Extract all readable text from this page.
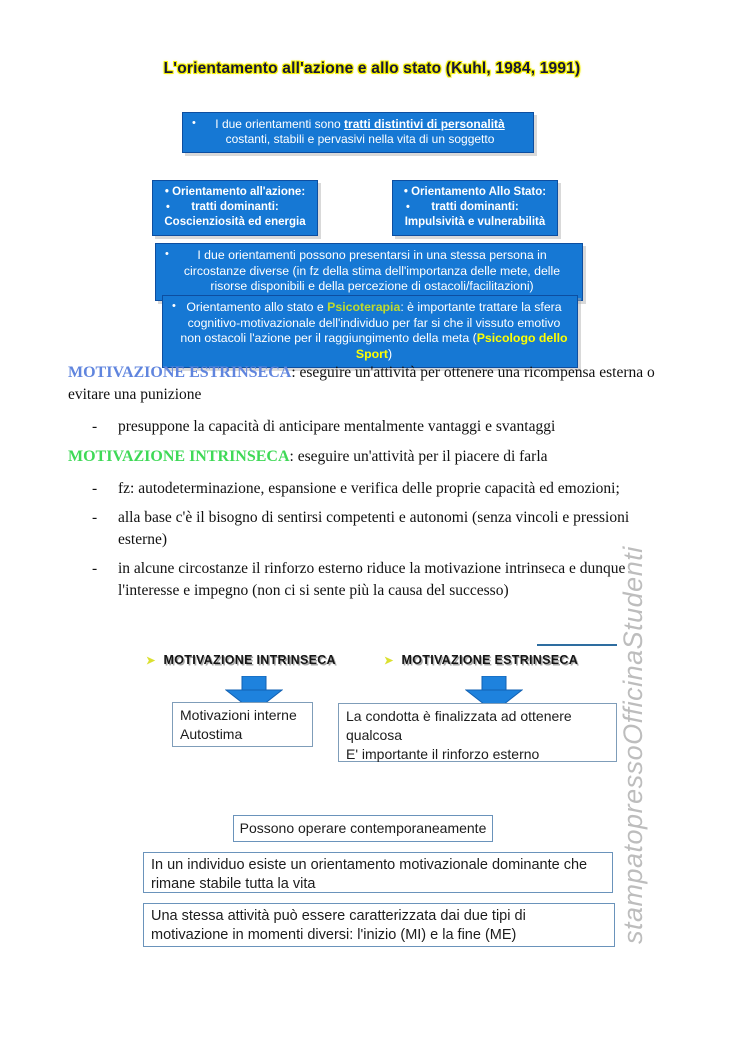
L'orientamento all'azione e allo stato (Kuhl, 1984, 1991)
• I due orientamenti sono tratti distintivi di personalità
costanti, stabili e pervasivi nella vita di un soggetto
• Orientamento all'azione:
• tratti dominanti:
Coscienziosità ed energia
• Orientamento Allo Stato:
• tratti dominanti:
Impulsività e vulnerabilità
• I due orientamenti possono presentarsi in una stessa persona in circostanze diverse (in fz della stima dell'importanza delle mete, delle risorse disponibili e della percezione di ostacoli/facilitazioni)
• Orientamento allo stato e Psicoterapia: è importante trattare la sfera cognitivo-motivazionale dell'individuo per far si che il vissuto emotivo non ostacoli l'azione per il raggiungimento della meta (Psicologo dello Sport)

MOTIVAZIONE ESTRINSECA: eseguire un'attività per ottenere una ricompensa esterna o evitare una punizione

- presuppone la capacità di anticipare mentalmente vantaggi e svantaggi

MOTIVAZIONE INTRINSECA: eseguire un'attività per il piacere di farla

- fz: autodeterminazione, espansione e verifica delle proprie capacità ed emozioni;
- alla base c'è il bisogno di sentirsi competenti e autonomi (senza vincoli e pressioni esterne)
- in alcune circostanze il rinforzo esterno riduce la motivazione intrinseca e dunque l'interesse e impegno (non ci si sente più la causa del successo)
➤ MOTIVAZIONE INTRINSECA	➤ MOTIVAZIONE ESTRINSECA
Motivazioni interne
Autostima
La condotta è finalizzata ad ottenere qualcosa
E' importante il rinforzo esterno
Possono operare contemporaneamente
In un individuo esiste un orientamento motivazionale dominante che rimane stabile tutta la vita
Una stessa attività può essere caratterizzata dai due tipi di motivazione in momenti diversi: l'inizio (MI) e la fine (ME)	stampatopressoOfficinaStudenti
